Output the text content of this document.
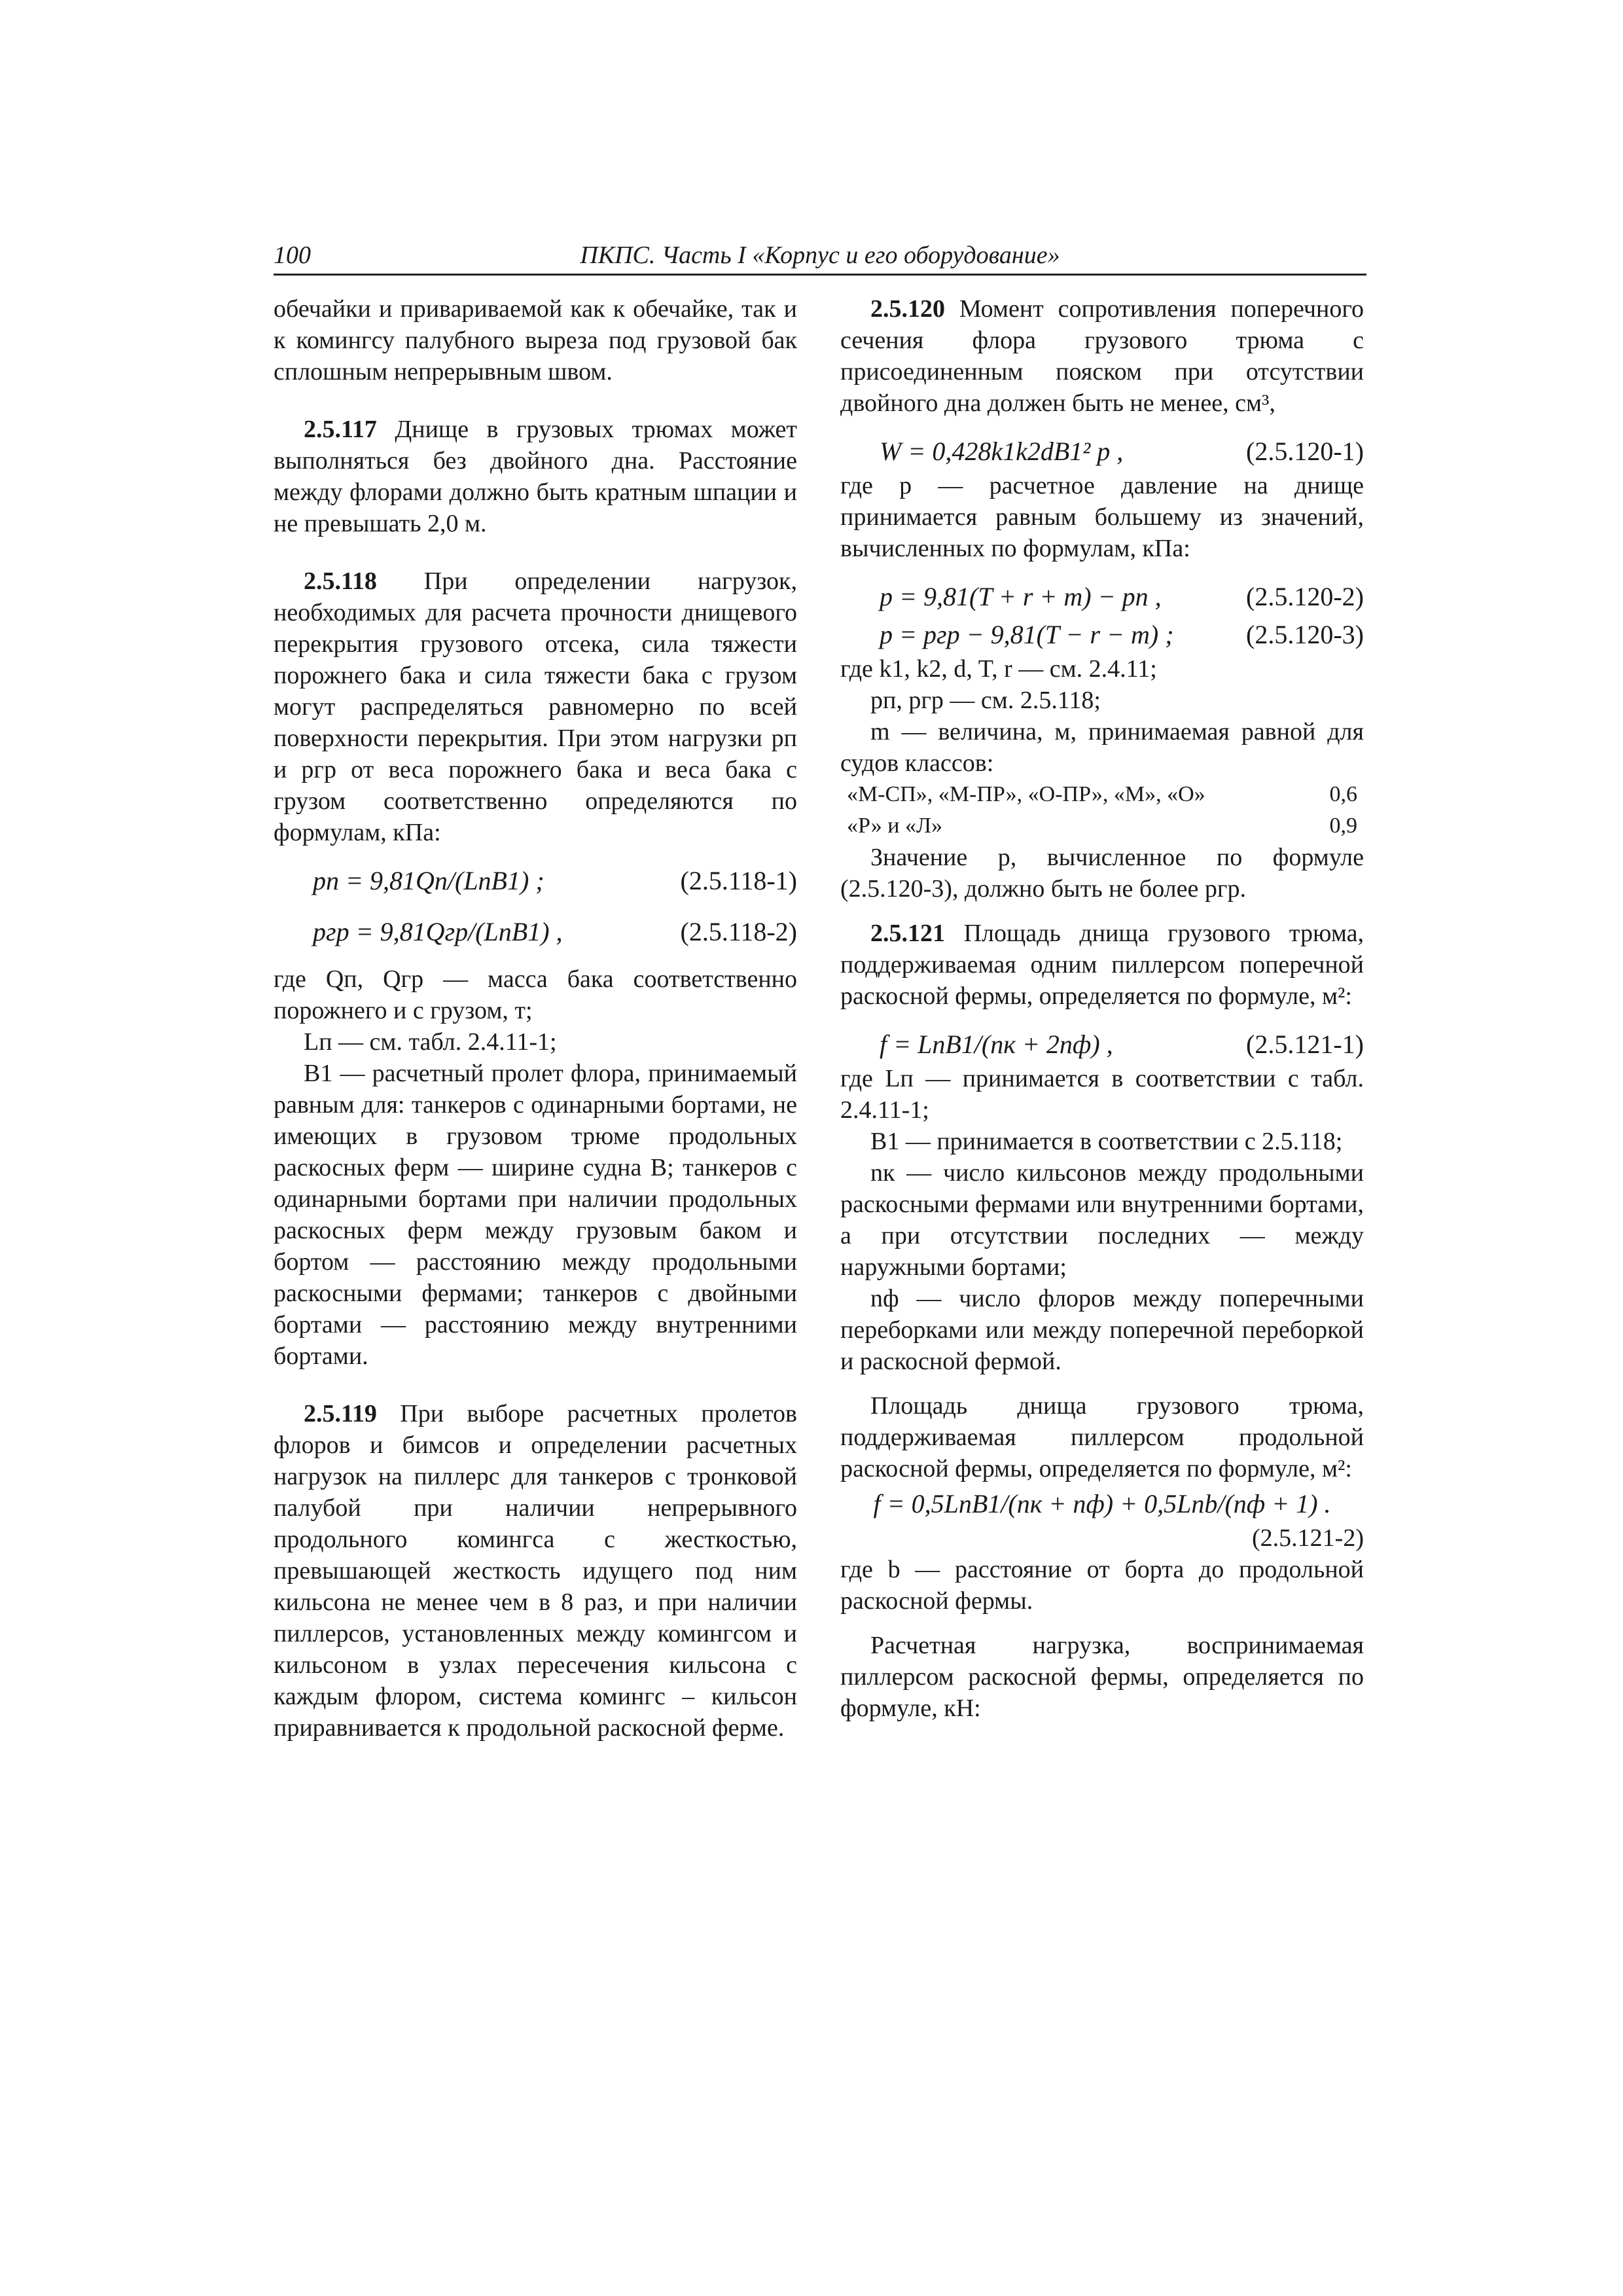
100	ПКПС. Часть I «Корпус и его оборудование»

обечайки и привариваемой как к обечайке, так и к комингсу палубного выреза под грузовой бак сплошным непрерывным швом.

2.5.117 Днище в грузовых трюмах может выполняться без двойного дна. Расстояние между флорами должно быть кратным шпации и не превышать 2,0 м.

2.5.118 При определении нагрузок, необходимых для расчета прочности днищевого перекрытия грузового отсека, сила тяжести порожнего бака и сила тяжести бака с грузом могут распределяться равномерно по всей поверхности перекрытия. При этом нагрузки pп и pгр от веса порожнего бака и веса бака с грузом соответственно определяются по формулам, кПа:

pп = 9,81Qп/(LпB1) ;	(2.5.118-1)
pгр = 9,81Qгр/(LпB1) ,	(2.5.118-2)

где Qп, Qгр — масса бака соответственно порожнего и с грузом, т;

Lп — см. табл. 2.4.11-1;

B1 — расчетный пролет флора, принимаемый равным для: танкеров с одинарными бортами, не имеющих в грузовом трюме продольных раскосных ферм — ширине судна B; танкеров с одинарными бортами при наличии продольных раскосных ферм между грузовым баком и бортом — расстоянию между продольными раскосными фермами; танкеров с двойными бортами — расстоянию между внутренними бортами.

2.5.119 При выборе расчетных пролетов флоров и бимсов и определении расчетных нагрузок на пиллерс для танкеров с тронковой палубой при наличии непрерывного продольного комингса с жесткостью, превышающей жесткость идущего под ним кильсона не менее чем в 8 раз, и при наличии пиллерсов, установленных между комингсом и кильсоном в узлах пересечения кильсона с каждым флором, система комингс – кильсон приравнивается к продольной раскосной ферме.

2.5.120 Момент сопротивления поперечного сечения флора грузового трюма с присоединенным пояском при отсутствии двойного дна должен быть не менее, см³,

W = 0,428k1k2dB1² p ,	(2.5.120-1)

где p — расчетное давление на днище принимается равным большему из значений, вычисленных по формулам, кПа:

p = 9,81(T + r + m) − pп ,	(2.5.120-2)
p = pгр − 9,81(T − r − m) ;	(2.5.120-3)

где k1, k2, d, T, r — см. 2.4.11;

pп, pгр — см. 2.5.118;

m — величина, м, принимаемая равной для судов классов:

«М-СП», «М-ПР», «О-ПР», «М», «О»	0,6
«Р» и «Л»	0,9

Значение p, вычисленное по формуле (2.5.120-3), должно быть не более pгр.

2.5.121 Площадь днища грузового трюма, поддерживаемая одним пиллерсом поперечной раскосной фермы, определяется по формуле, м²:

f = LпB1/(nк + 2nф) ,	(2.5.121-1)

где Lп — принимается в соответствии с табл. 2.4.11-1;

B1 — принимается в соответствии с 2.5.118;

nк — число кильсонов между продольными раскосными фермами или внутренними бортами, а при отсутствии последних — между наружными бортами;

nф — число флоров между поперечными переборками или между поперечной переборкой и раскосной фермой.

Площадь днища грузового трюма, поддерживаемая пиллерсом продольной раскосной фермы, определяется по формуле, м²:

f = 0,5LпB1/(nк + nф) + 0,5Lпb/(nф + 1) .

(2.5.121-2)

где b — расстояние от борта до продольной раскосной фермы.

Расчетная нагрузка, воспринимаемая пиллерсом раскосной фермы, определяется по формуле, кН:
